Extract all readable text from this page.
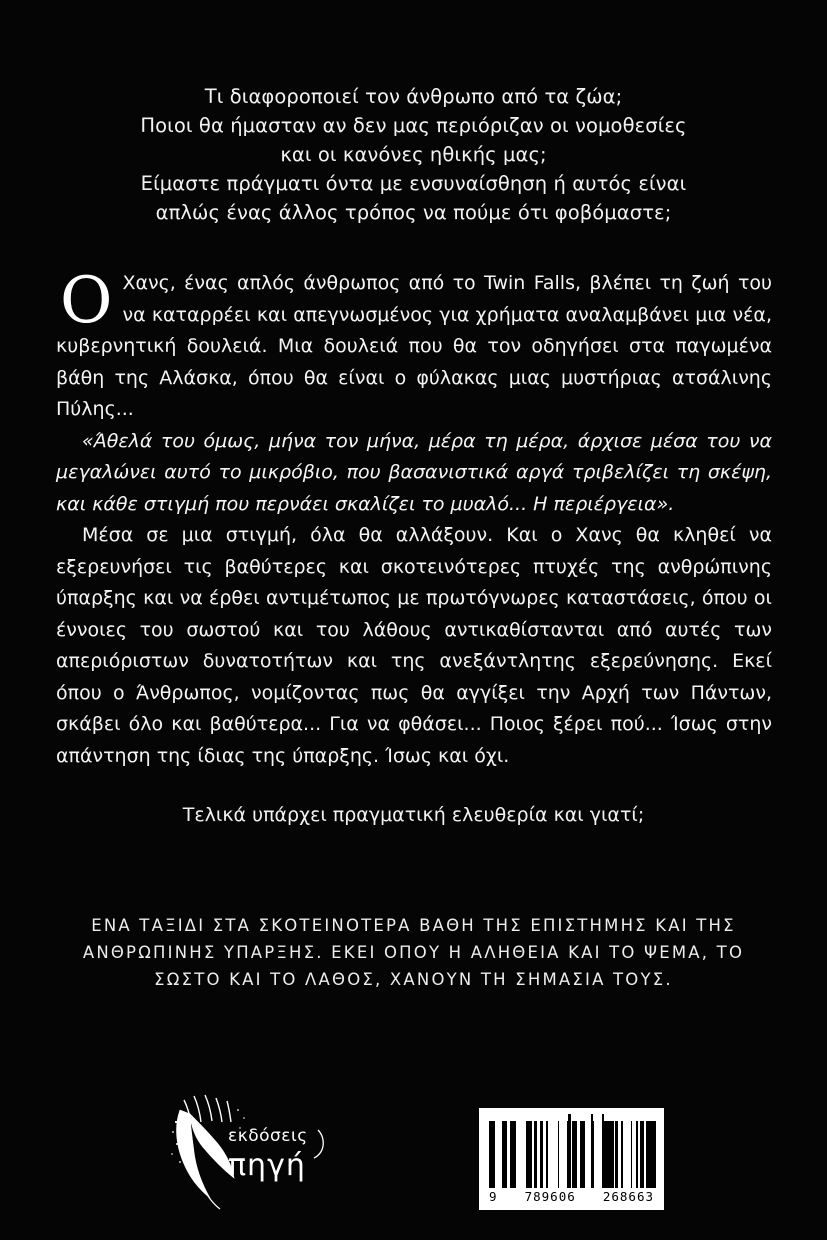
Τι διαφοροποιεί τον άνθρωπο από τα ζώα;
Ποιοι θα ήμασταν αν δεν μας περιόριζαν οι νομοθεσίες
και οι κανόνες ηθικής μας;
Είμαστε πράγματι όντα με ενσυναίσθηση ή αυτός είναι
απλώς ένας άλλος τρόπος να πούμε ότι φοβόμαστε;

Ο Χανς, ένας απλός άνθρωπος από το Twin Falls, βλέπει τη ζωή του να καταρρέει και απεγνωσμένος για χρήματα αναλαμβάνει μια νέα, κυβερνητική δουλειά. Μια δουλειά που θα τον οδηγήσει στα παγωμένα βάθη της Αλάσκα, όπου θα είναι ο φύλακας μιας μυστήριας ατσάλινης Πύλης...

«Άθελά του όμως, μήνα τον μήνα, μέρα τη μέρα, άρχισε μέσα του να μεγαλώνει αυτό το μικρόβιο, που βασανιστικά αργά τριβελίζει τη σκέψη, και κάθε στιγμή που περνάει σκαλίζει το μυαλό... Η περιέργεια».

Μέσα σε μια στιγμή, όλα θα αλλάξουν. Και ο Χανς θα κληθεί να εξερευνήσει τις βαθύτερες και σκοτεινότερες πτυχές της ανθρώπινης ύπαρξης και να έρθει αντιμέτωπος με πρωτόγνωρες καταστάσεις, όπου οι έννοιες του σωστού και του λάθους αντικαθίστανται από αυτές των απεριόριστων δυνατοτήτων και της ανεξάντλητης εξερεύνησης. Εκεί όπου ο Άνθρωπος, νομίζοντας πως θα αγγίξει την Αρχή των Πάντων, σκάβει όλο και βαθύτερα... Για να φθάσει... Ποιος ξέρει πού... Ίσως στην απάντηση της ίδιας της ύπαρξης. Ίσως και όχι.

Τελικά υπάρχει πραγματική ελευθερία και γιατί;
ΕΝΑ ΤΑΞΙΔΙ ΣΤΑ ΣΚΟΤΕΙΝΟΤΕΡΑ ΒΑΘΗ ΤΗΣ ΕΠΙΣΤΗΜΗΣ ΚΑΙ ΤΗΣ
ΑΝΘΡΩΠΙΝΗΣ ΥΠΑΡΞΗΣ. ΕΚΕΙ ΟΠΟΥ Η ΑΛΗΘΕΙΑ ΚΑΙ ΤΟ ΨΕΜΑ, ΤΟ
ΣΩΣΤΟ ΚΑΙ ΤΟ ΛΑΘΟΣ, ΧΑΝΟΥΝ ΤΗ ΣΗΜΑΣΙΑ ΤΟΥΣ.
εκδόσεις
πηγή
9 789606 268663
